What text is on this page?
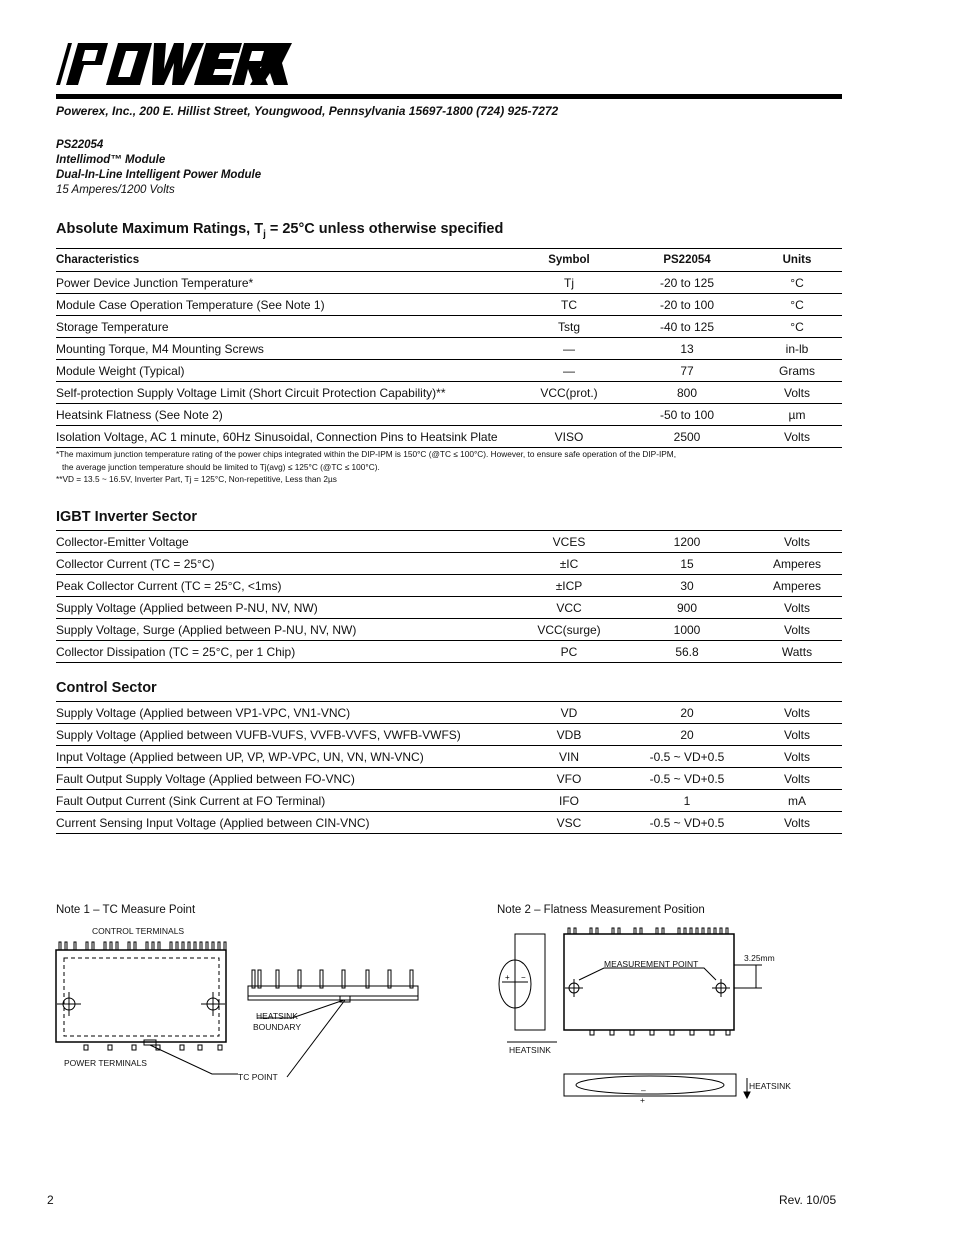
Powerex, Inc., 200 E. Hillist Street, Youngwood, Pennsylvania 15697-1800 (724) 925-7272
PS22054
Intellimod™ Module
Dual-In-Line Intelligent Power Module
15 Amperes/1200 Volts
Absolute Maximum Ratings, $T_j = 25^\circ C$ unless otherwise specified
Characteristics	Symbol	PS22054	Units
Power Device Junction Temperature*	Tj	-20 to 125	°C
Module Case Operation Temperature (See Note 1)	TC	-20 to 100	°C
Storage Temperature	Tstg	-40 to 125	°C
Mounting Torque, M4 Mounting Screws	—	13	in-lb
Module Weight (Typical)	—	77	Grams
Self-protection Supply Voltage Limit (Short Circuit Protection Capability)**	VCC(prot.)	800	Volts
Heatsink Flatness (See Note 2)		-50 to 100	µm
Isolation Voltage, AC 1 minute, 60Hz Sinusoidal, Connection Pins to Heatsink Plate	VISO	2500	Volts
*The maximum junction temperature rating of the power chips integrated within the DIP-IPM is 150°C (@TC ≤ 100°C). However, to ensure safe operation of the DIP-IPM,
the average junction temperature should be limited to Tj(avg) ≤ 125°C (@TC ≤ 100°C).
**VD = 13.5 ~ 16.5V, Inverter Part, Tj = 125°C, Non-repetitive, Less than 2µs
IGBT Inverter Sector
Collector-Emitter Voltage	VCES	1200	Volts
Collector Current (TC = 25°C)	±IC	15	Amperes
Peak Collector Current (TC = 25°C, <1ms)	±ICP	30	Amperes
Supply Voltage (Applied between P-NU, NV, NW)	VCC	900	Volts
Supply Voltage, Surge (Applied between P-NU, NV, NW)	VCC(surge)	1000	Volts
Collector Dissipation (TC = 25°C, per 1 Chip)	PC	56.8	Watts
Control Sector
Supply Voltage (Applied between VP1-VPC, VN1-VNC)	VD	20	Volts
Supply Voltage (Applied between VUFB-VUFS, VVFB-VVFS, VWFB-VWFS)	VDB	20	Volts
Input Voltage (Applied between UP, VP, WP-VPC, UN, VN, WN-VNC)	VIN	-0.5 ~ VD+0.5	Volts
Fault Output Supply Voltage (Applied between FO-VNC)	VFO	-0.5 ~ VD+0.5	Volts
Fault Output Current (Sink Current at FO Terminal)	IFO	1	mA
Current Sensing Input Voltage (Applied between CIN-VNC)	VSC	-0.5 ~ VD+0.5	Volts
Note 1 – TC Measure Point
CONTROL TERMINALS
POWER TERMINALS
HEATSINK
BOUNDARY
TC POINT
Note 2 – Flatness Measurement Position
MEASUREMENT POINT
3.25mm
HEATSINK
HEATSINK
–
+
+ −
2	Rev. 10/05
